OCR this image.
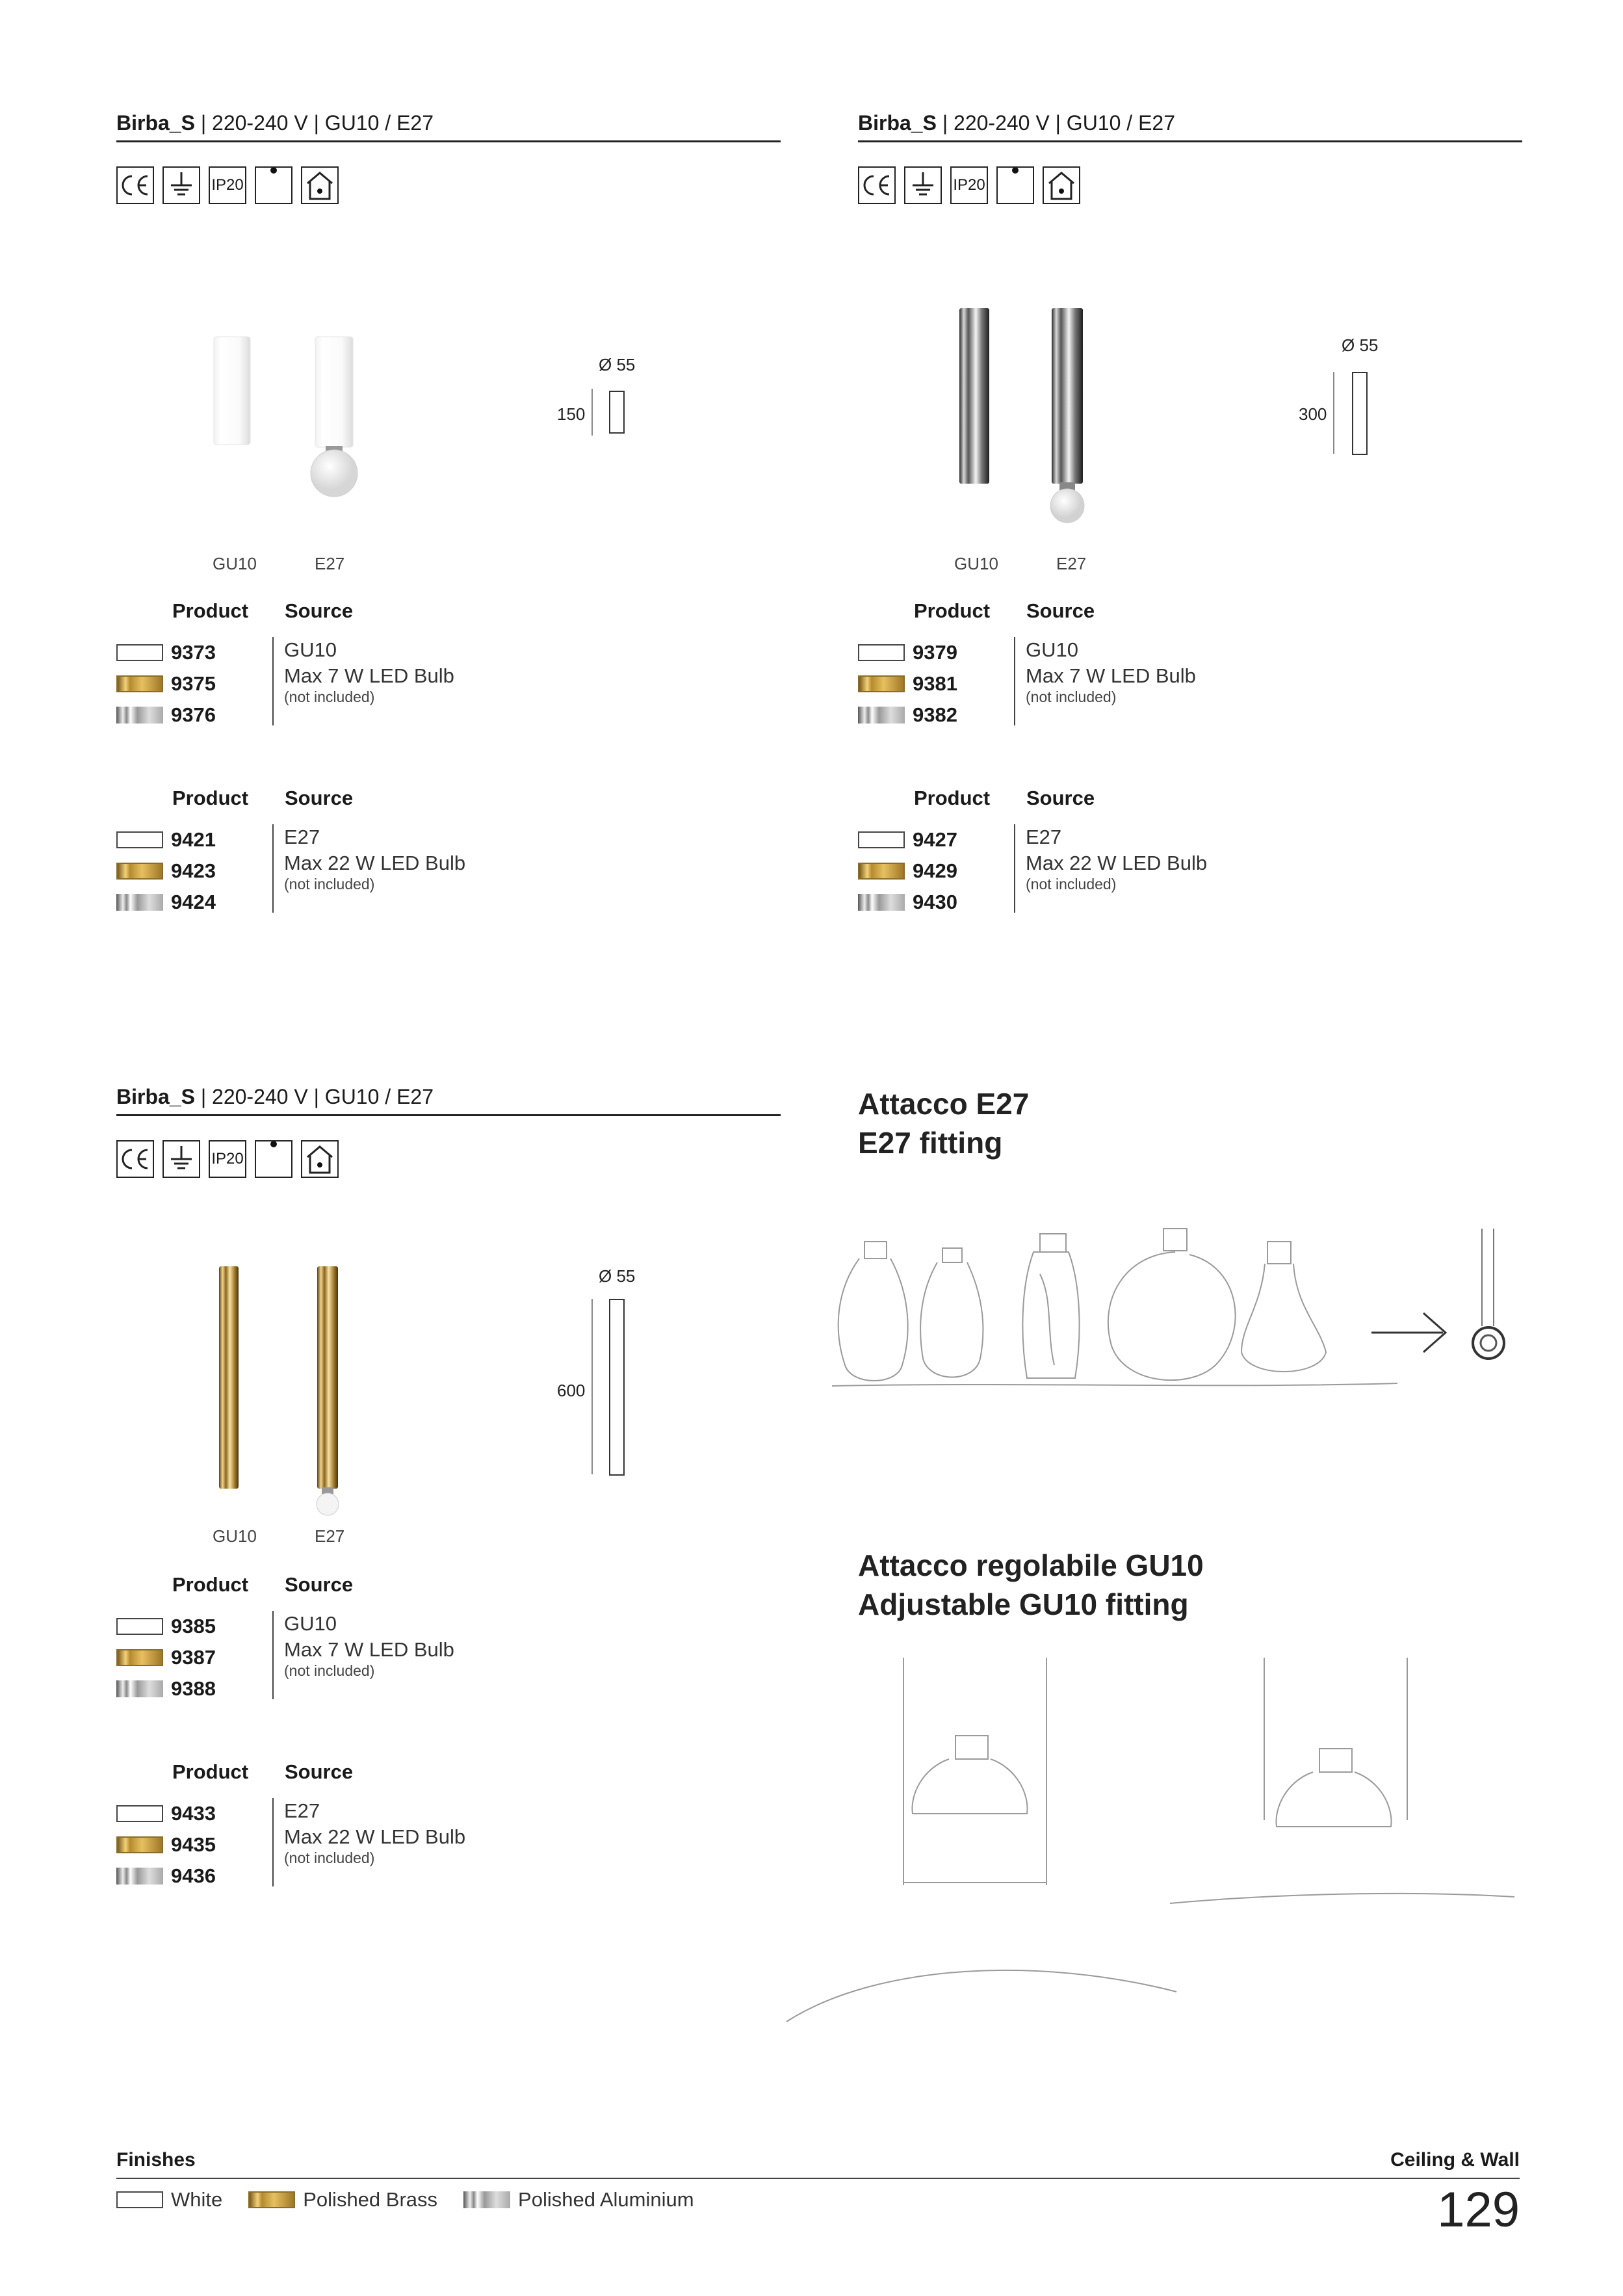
Birba_S | 220-240 V | GU10 / E27
IP20
GU10	E27
Ø 55
150
Product Source
9373
9375
9376
GU10
Max 7 W LED Bulb
(not included)
Product Source
9421
9423
9424
E27
Max 22 W LED Bulb
(not included)
Birba_S | 220-240 V | GU10 / E27
IP20
GU10	E27
Ø 55
300
Product Source
9379
9381
9382
GU10
Max 7 W LED Bulb
(not included)
Product Source
9427
9429
9430
E27
Max 22 W LED Bulb
(not included)
Birba_S | 220-240 V | GU10 / E27
IP20
GU10	E27
Ø 55
600
Product Source
9385
9387
9388
GU10
Max 7 W LED Bulb
(not included)
Product Source
9433
9435
9436
E27
Max 22 W LED Bulb
(not included)
Attacco E27
E27 fitting
Attacco regolabile GU10
Adjustable GU10 fitting
Finishes	Ceiling & Wall
White	Polished Brass	Polished Aluminium	129
